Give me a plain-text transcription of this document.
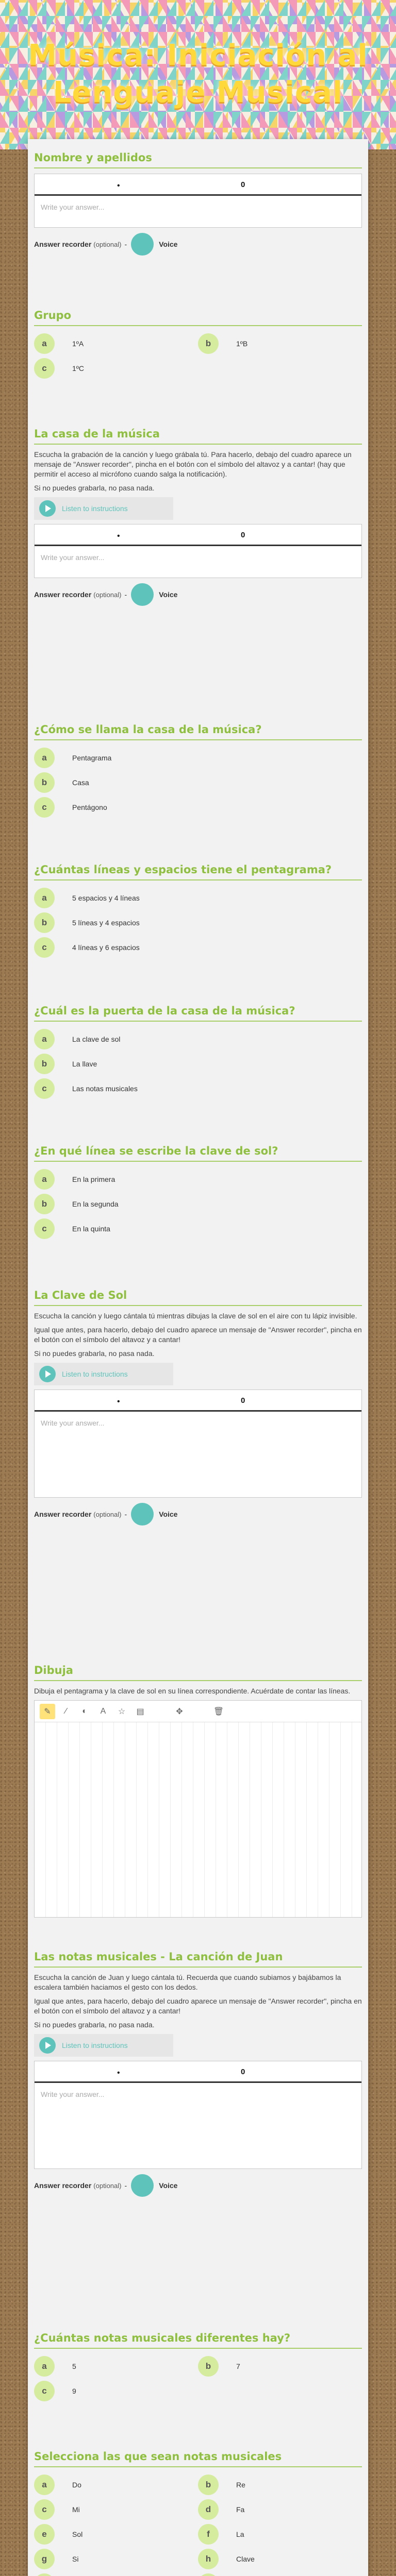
Música: Iniciación al Lenguaje Musical
Nombre y apellidos
•	0
Write your answer...
Answer recorder (optional) -	Voice
Grupo
a	1ºA	b	1ºB
c	1ºC
La casa de la música
Escucha la grabación de la canción y luego grábala tú. Para hacerlo, debajo del cuadro aparece un mensaje de "Answer recorder", pincha en el botón con el símbolo del altavoz y a cantar! (hay que permitir el acceso al micrófono cuando salga la notificación).
Si no puedes grabarla, no pasa nada.
Listen to instructions
•	0
Write your answer...
Answer recorder (optional) -	Voice
¿Cómo se llama la casa de la música?
a	Pentagrama
b	Casa
c	Pentágono
¿Cuántas líneas y espacios tiene el pentagrama?
a	5 espacios y 4 líneas
b	5 líneas y 4 espacios
c	4 líneas y 6 espacios
¿Cuál es la puerta de la casa de la música?
a	La clave de sol
b	La llave
c	Las notas musicales
¿En qué línea se escribe la clave de sol?
a	En la primera
b	En la segunda
c	En la quinta
La Clave de Sol
Escucha la canción y luego cántala tú mientras dibujas la clave de sol en el aire con tu lápiz invisible.
Igual que antes, para hacerlo, debajo del cuadro aparece un mensaje de "Answer recorder", pincha en el botón con el símbolo del altavoz y a cantar!
Si no puedes grabarla, no pasa nada.
Listen to instructions
•	0
Write your answer...
Answer recorder (optional) -	Voice
Dibuja
Dibuja el pentagrama y la clave de sol en su línea correspondiente. Acuérdate de contar las líneas.
✎	∕	◐	A	☆	▤	✥	🗑
Las notas musicales - La canción de Juan
Escucha la canción de Juan y luego cántala tú. Recuerda que cuando subiamos y bajábamos la escalera también haciamos el gesto con los dedos.
Igual que antes, para hacerlo, debajo del cuadro aparece un mensaje de "Answer recorder", pincha en el botón con el símbolo del altavoz y a cantar!
Si no puedes grabarla, no pasa nada.
Listen to instructions
•	0
Write your answer...
Answer recorder (optional) -	Voice
¿Cuántas notas musicales diferentes hay?
a	5	b	7
c	9
Selecciona las que sean notas musicales
a	Do	b	Re
c	Mi	d	Fa
e	Sol	f	La
g	Si	h	Clave
